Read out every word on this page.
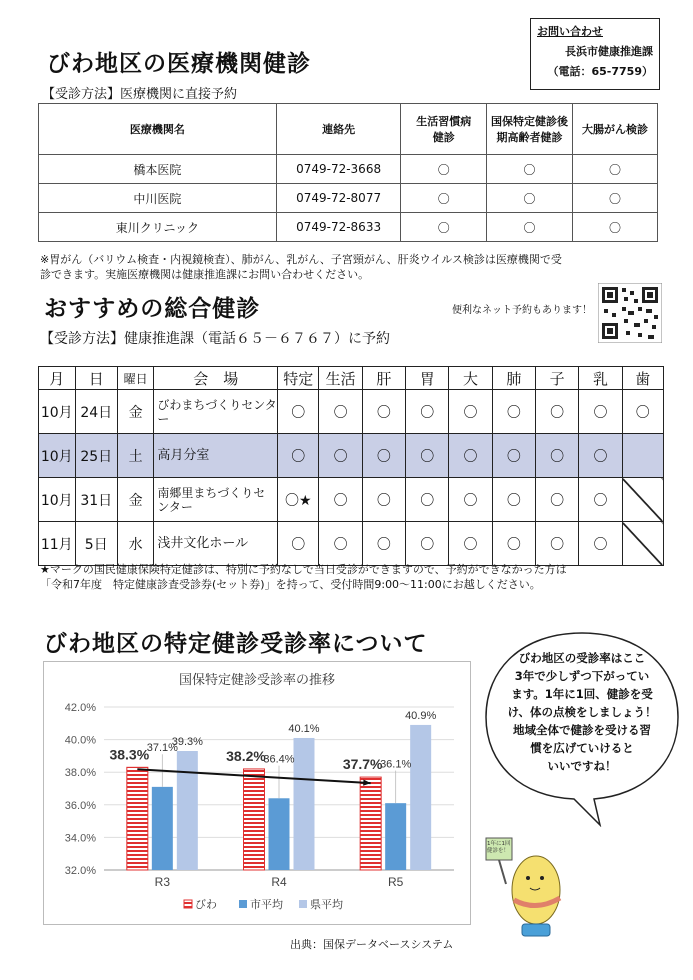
びわ地区の医療機関健診
【受診方法】医療機関に直接予約
お問い合わせ
長浜市健康推進課
（電話：65-7759）
医療機関名	連絡先	生活習慣病健診	国保特定健診後期高齢者健診	大腸がん検診
橋本医院	0749-72-3668	〇	〇	〇
中川医院	0749-72-8077	〇	〇	〇
東川クリニック	0749-72-8633	〇	〇	〇
※胃がん（バリウム検査・内視鏡検査）、肺がん、乳がん、子宮頸がん、肝炎ウイルス検診は医療機関で受
診できます。実施医療機関は健康推進課にお問い合わせください。
おすすめの総合健診	便利なネット予約もあります！
【受診方法】健康推進課（電話６５－６７６７）に予約
月	日	曜日	会　場	特定	生活	肝	胃	大	肺	子	乳	歯
10月	24日	金	びわまちづくりセンター	〇	〇	〇	〇	〇	〇	〇	〇	〇
10月	25日	土	高月分室	〇	〇	〇	〇	〇	〇	〇	〇	
10月	31日	金	南郷里まちづくりセンター	〇★	〇	〇	〇	〇	〇	〇	〇	
11月	5日	水	浅井文化ホール	〇	〇	〇	〇	〇	〇	〇	〇	
★マークの国民健康保険特定健診は、特別に予約なしで当日受診ができますので、予約ができなかった方は
「令和7年度　特定健康診査受診券(セット券)」を持って、受付時間9:00～11:00にお越しください。
びわ地区の特定健診受診率について
国保特定健診受診率の推移
42.0%
40.0%
38.0%
36.0%
34.0%
32.0%
R3	R4	R5
38.3%
37.1%
39.3%
38.2%
36.4%
40.1%
37.7%
36.1%
40.9%
びわ	市平均 県平均
びわ地区の受診率はここ
3年で少しずつ下がってい
ます。1年に1回、健診を受
け、体の点検をしましょう！
地域全体で健診を受ける習
慣を広げていけると
いいですね！
1年に1回健診を！
出典：国保データベースシステム
